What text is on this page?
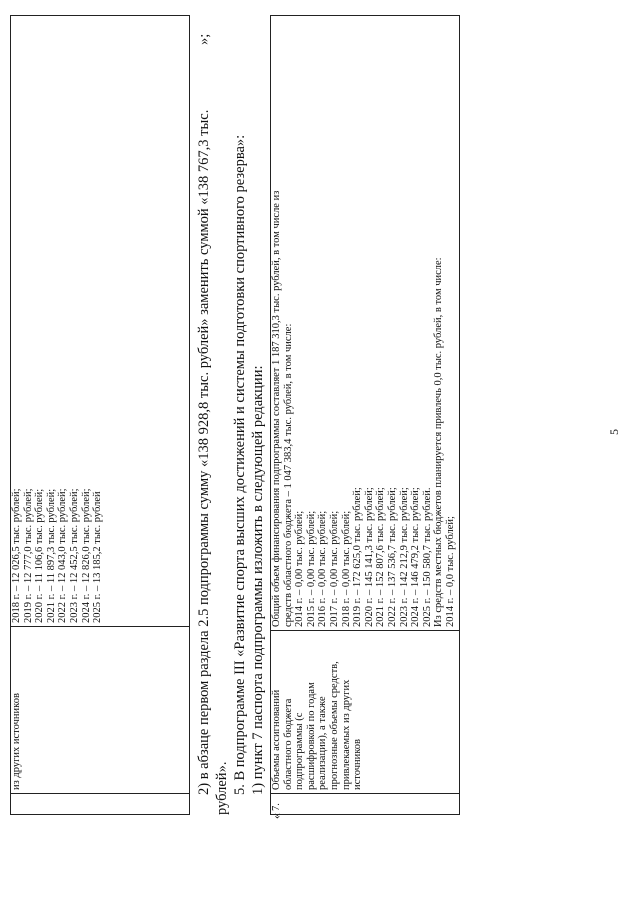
5

из других источников

2018 г. – 12 026,5 тыс. рублей; 2019 г. – 12 777,0 тыс. рублей; 2020 г. – 11 106,6 тыс. рублей; 2021 г. – 11 897,3 тыс. рублей; 2022 г. – 12 043,0 тыс. рублей; 2023 г. – 12 452,5 тыс. рублей; 2024 г. – 12 826,0 тыс. рублей; 2025 г. – 13 185,2 тыс. рублей
»;
2) в абзаце первом раздела 2.5 подпрограммы сумму «138 928,8 тыс. рублей» заменить суммой «138 767,3 тыс. рублей». 5. В подпрограмме III «Развитие спорта высших достижений и системы подготовки спортивного резерва»: 1) пункт 7 паспорта подпрограммы изложить в следующей редакции:
«
7.

Объемы ассигнований областного бюджета подпрограммы (с расшифровкой по годам реализации), а также прогнозные объемы средств, привлекаемых из других источников

Общий объем финансирования подпрограммы составляет 1 187 310,3 тыс. рублей, в том числе из средств областного бюджета – 1 047 383,4 тыс. рублей, в том числе: 2014 г. – 0,00 тыс. рублей; 2015 г. – 0,00 тыс. рублей; 2016 г. – 0,00 тыс. рублей; 2017 г. – 0,00 тыс. рублей; 2018 г. – 0,00 тыс. рублей; 2019 г. – 172 625,0 тыс. рублей; 2020 г. – 145 141,3 тыс. рублей; 2021 г. – 152 807,6 тыс. рублей; 2022 г. – 137 536,7 тыс. рублей; 2023 г. – 142 212,9 тыс. рублей; 2024 г. – 146 479,2 тыс. рублей; 2025 г. – 150 580,7 тыс. рублей. Из средств местных бюджетов планируется привлечь 0,0 тыс. рублей, в том числе: 2014 г. – 0,0 тыс. рублей;
